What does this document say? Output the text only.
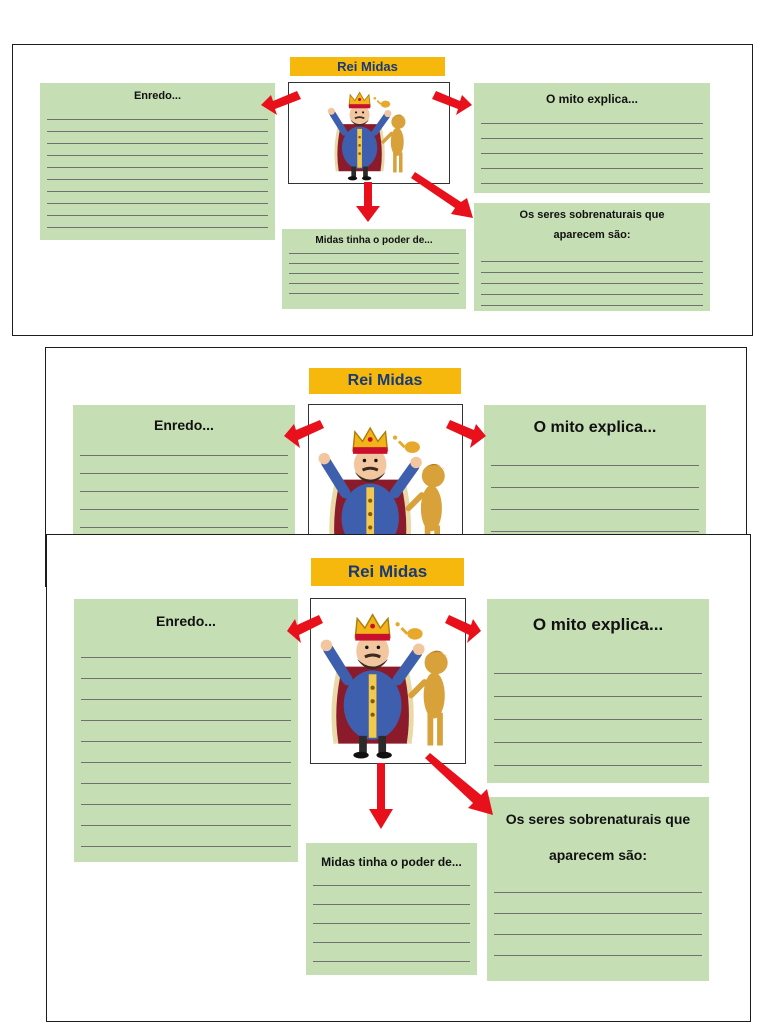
Rei Midas
Enredo...	O mito explica...
Midas tinha o poder de...
Os seres sobrenaturais que
aparecem são:
Rei Midas
Enredo...	O mito explica...
Rei Midas
Enredo...	O mito explica...
Midas tinha o poder de...
Os seres sobrenaturais que
aparecem são:
